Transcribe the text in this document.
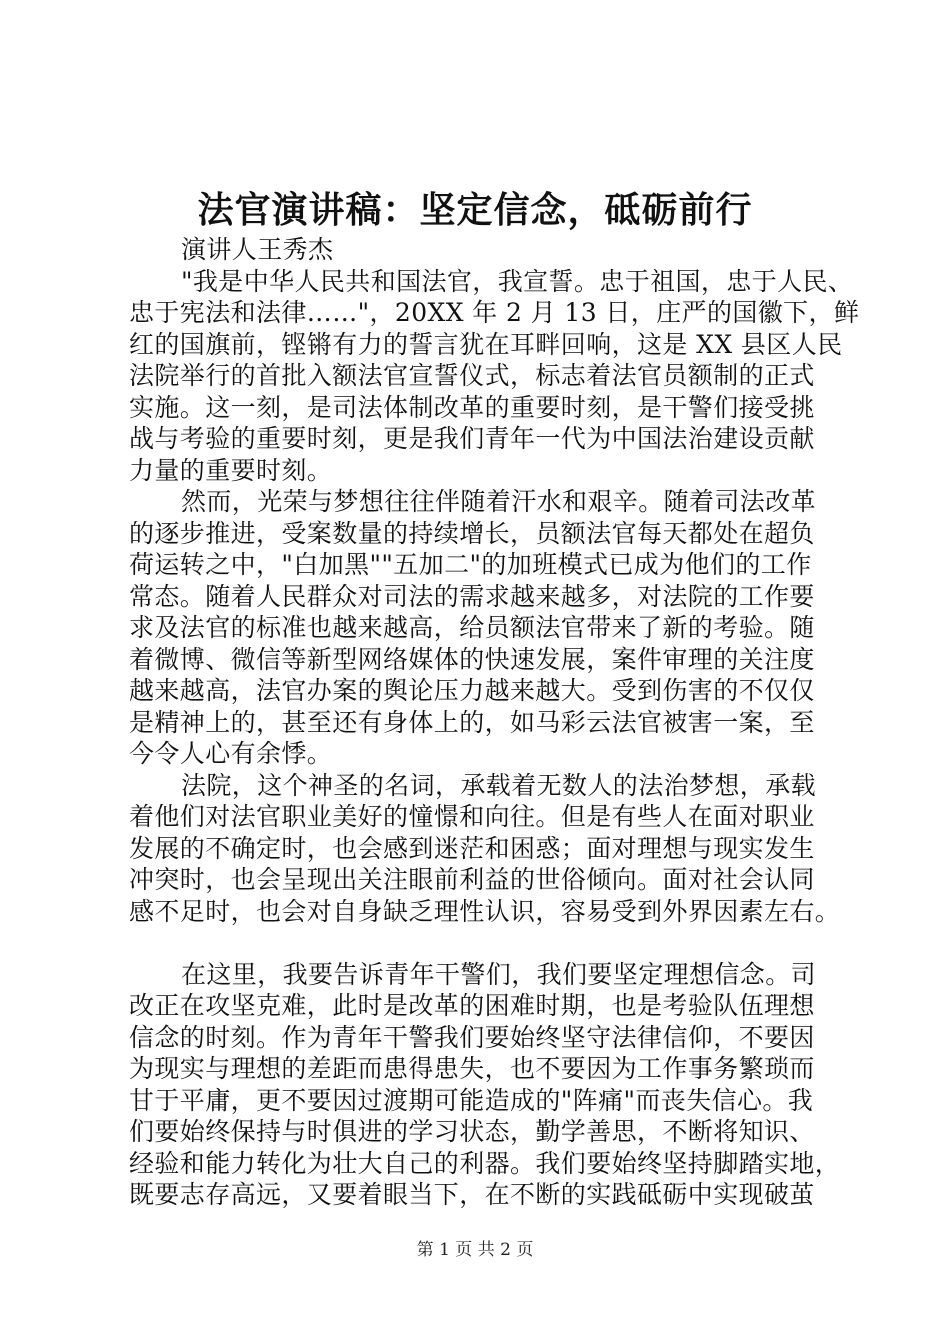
法官演讲稿：坚定信念，砥砺前行
演讲人王秀杰
"我是中华人民共和国法官，我宣誓。忠于祖国，忠于人民、
忠于宪法和法律……"，20XX 年 2 月 13 日，庄严的国徽下，鲜
红的国旗前，铿锵有力的誓言犹在耳畔回响，这是 XX 县区人民
法院举行的首批入额法官宣誓仪式，标志着法官员额制的正式
实施。这一刻，是司法体制改革的重要时刻，是干警们接受挑
战与考验的重要时刻，更是我们青年一代为中国法治建设贡献
力量的重要时刻。
然而，光荣与梦想往往伴随着汗水和艰辛。随着司法改革
的逐步推进，受案数量的持续增长，员额法官每天都处在超负
荷运转之中，"白加黑""五加二"的加班模式已成为他们的工作
常态。随着人民群众对司法的需求越来越多，对法院的工作要
求及法官的标准也越来越高，给员额法官带来了新的考验。随
着微博、微信等新型网络媒体的快速发展，案件审理的关注度
越来越高，法官办案的舆论压力越来越大。受到伤害的不仅仅
是精神上的，甚至还有身体上的，如马彩云法官被害一案，至
今令人心有余悸。
法院，这个神圣的名词，承载着无数人的法治梦想，承载
着他们对法官职业美好的憧憬和向往。但是有些人在面对职业
发展的不确定时，也会感到迷茫和困惑；面对理想与现实发生
冲突时，也会呈现出关注眼前利益的世俗倾向。面对社会认同
感不足时，也会对自身缺乏理性认识，容易受到外界因素左右。
在这里，我要告诉青年干警们，我们要坚定理想信念。司
改正在攻坚克难，此时是改革的困难时期，也是考验队伍理想
信念的时刻。作为青年干警我们要始终坚守法律信仰，不要因
为现实与理想的差距而患得患失，也不要因为工作事务繁琐而
甘于平庸，更不要因过渡期可能造成的"阵痛"而丧失信心。我
们要始终保持与时俱进的学习状态，勤学善思，不断将知识、
经验和能力转化为壮大自己的利器。我们要始终坚持脚踏实地，
既要志存高远，又要着眼当下，在不断的实践砥砺中实现破茧
第 1 页 共 2 页
